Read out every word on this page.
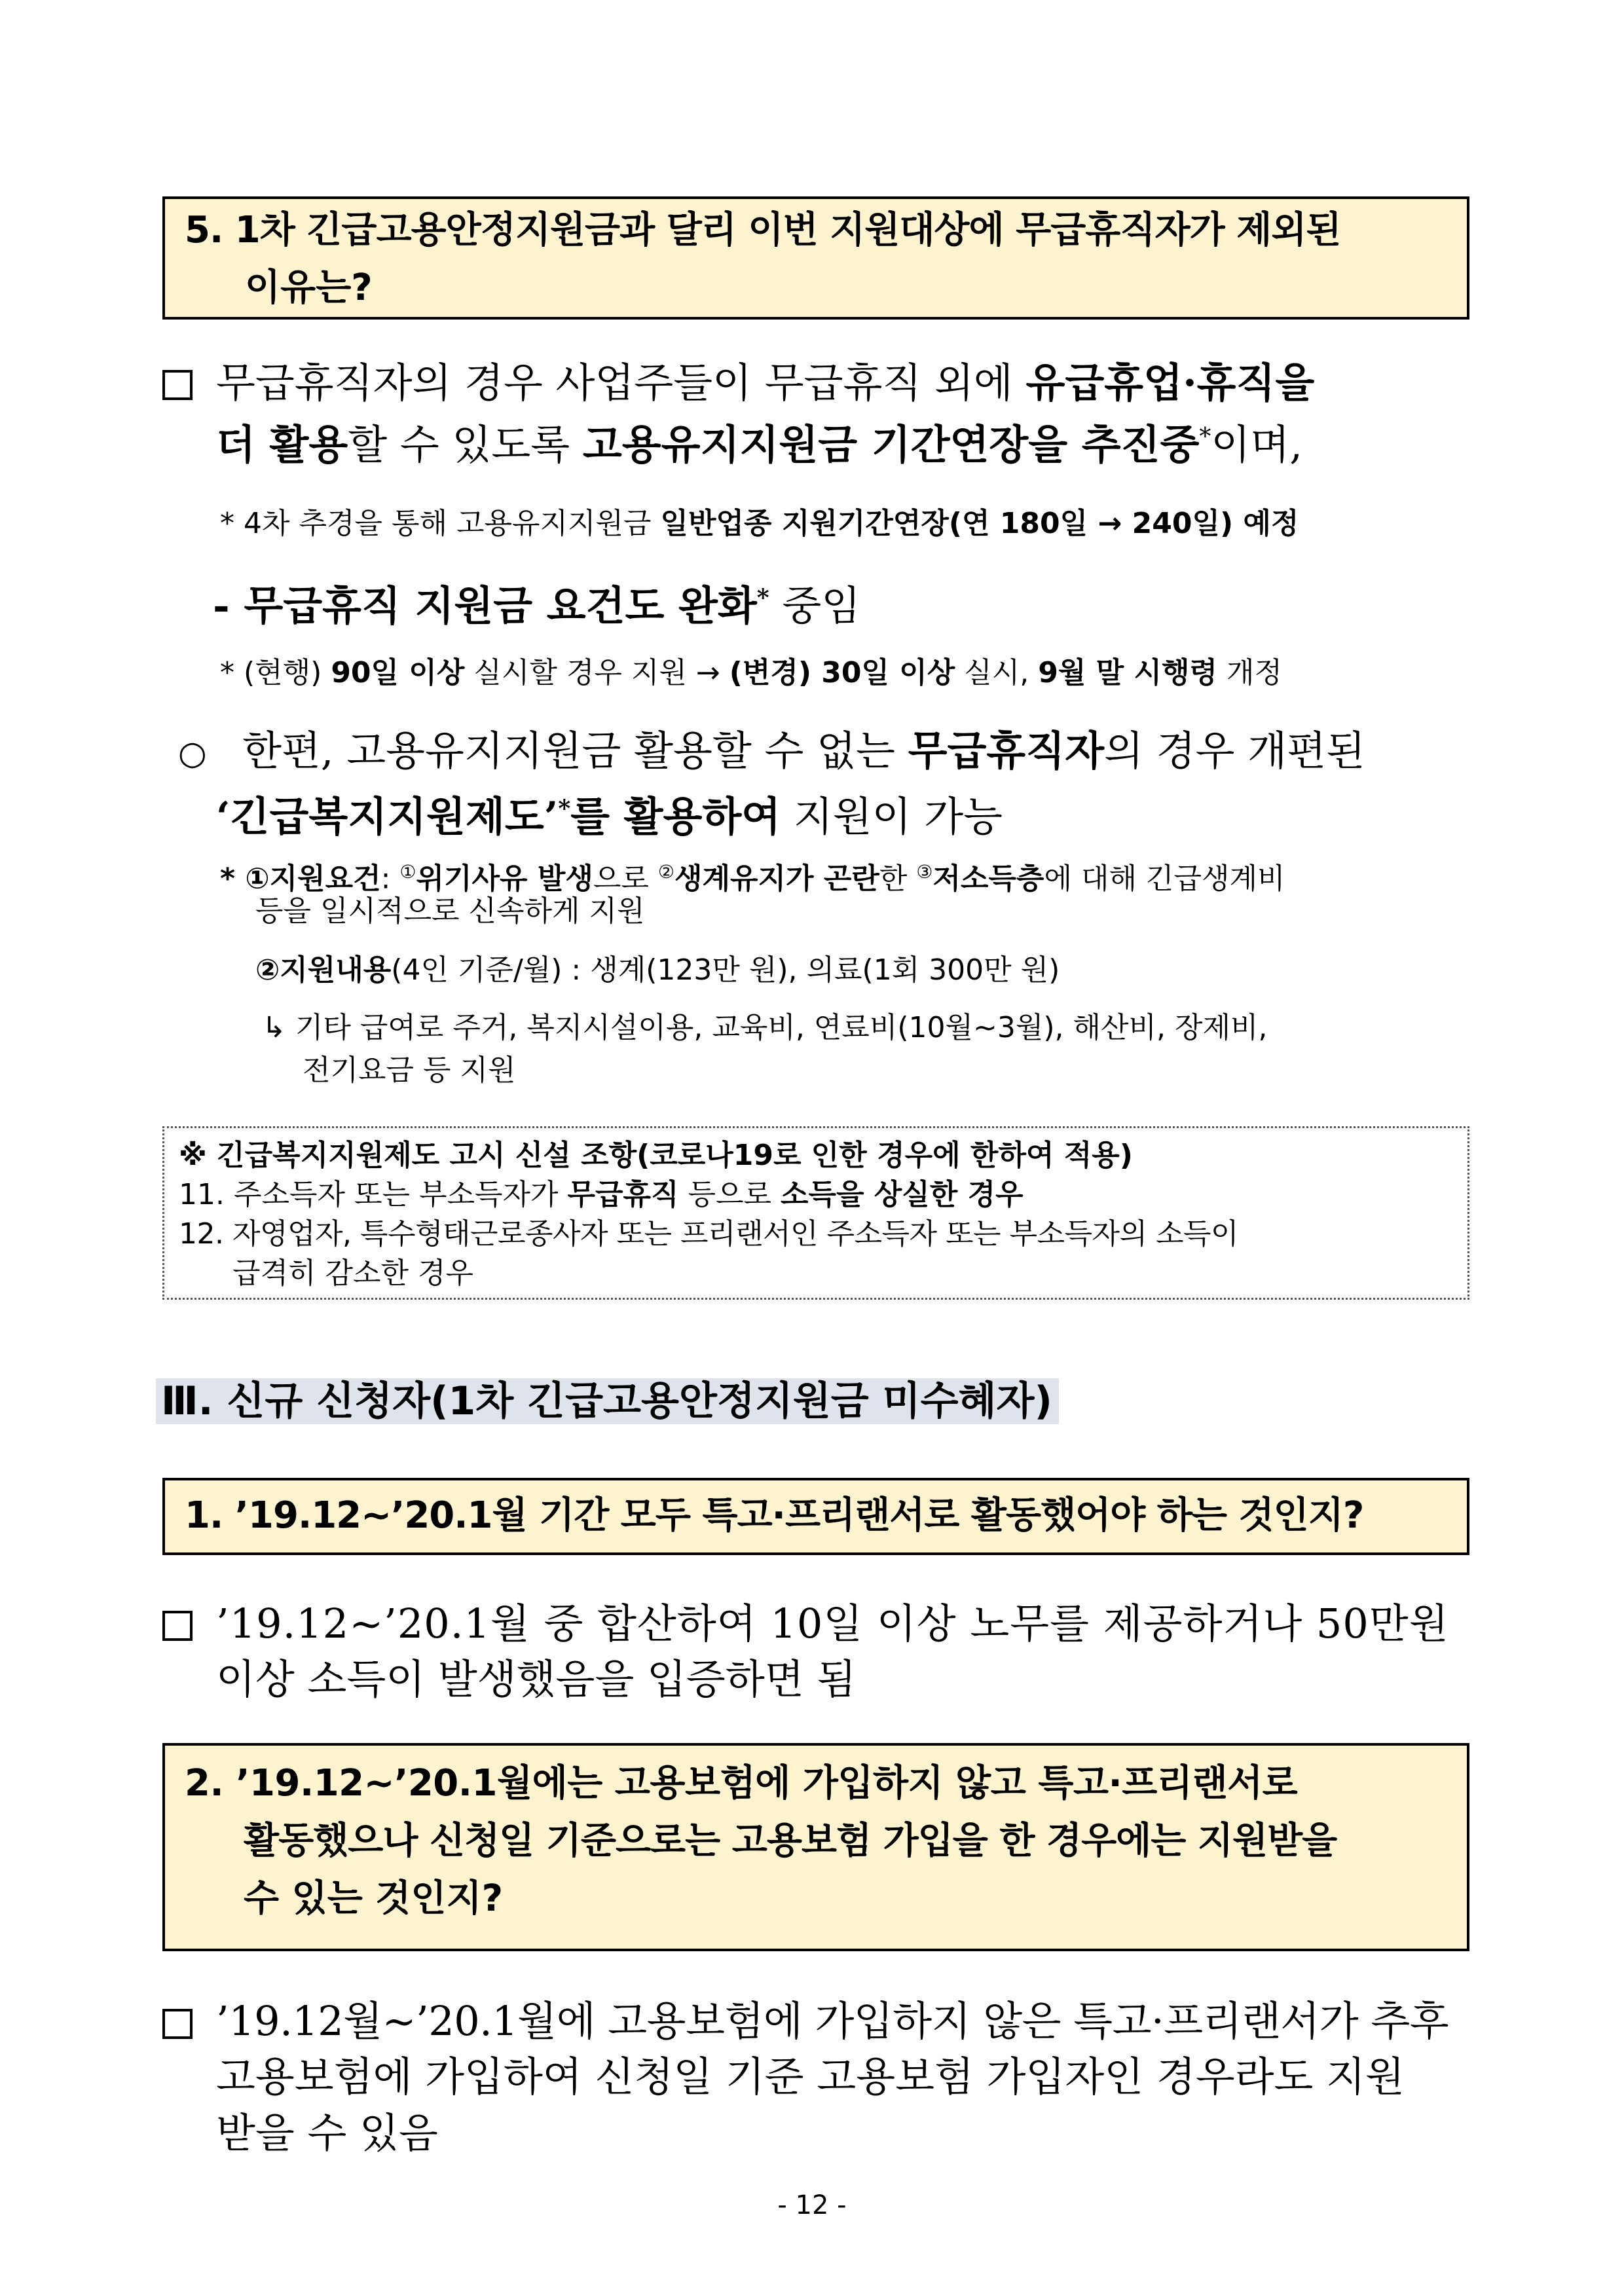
5. 1차 긴급고용안정지원금과 달리 이번 지원대상에 무급휴직자가 제외된
이유는?
무급휴직자의 경우 사업주들이 무급휴직 외에 유급휴업·휴직을
더 활용할 수 있도록 고용유지지원금 기간연장을 추진중*이며,
* 4차 추경을 통해 고용유지지원금 일반업종 지원기간연장(연 180일 → 240일) 예정
- 무급휴직 지원금 요건도 완화* 중임
* (현행) 90일 이상 실시할 경우 지원 → (변경) 30일 이상 실시, 9월 말 시행령 개정
○ 한편, 고용유지지원금 활용할 수 없는 무급휴직자의 경우 개편된
‘긴급복지지원제도’*를 활용하여 지원이 가능
* ①지원요건: ①위기사유 발생으로 ②생계유지가 곤란한 ③저소득층에 대해 긴급생계비
등을 일시적으로 신속하게 지원
②지원내용(4인 기준/월) : 생계(123만 원), 의료(1회 300만 원)
↳ 기타 급여로 주거, 복지시설이용, 교육비, 연료비(10월~3월), 해산비, 장제비,
전기요금 등 지원
※ 긴급복지지원제도 고시 신설 조항(코로나19로 인한 경우에 한하여 적용)
11. 주소득자 또는 부소득자가 무급휴직 등으로 소득을 상실한 경우
12. 자영업자, 특수형태근로종사자 또는 프리랜서인 주소득자 또는 부소득자의 소득이
급격히 감소한 경우
Ⅲ. 신규 신청자(1차 긴급고용안정지원금 미수혜자)
1. ’19.12~’20.1월 기간 모두 특고·프리랜서로 활동했어야 하는 것인지?
’19.12~’20.1월 중 합산하여 10일 이상 노무를 제공하거나 50만원
이상 소득이 발생했음을 입증하면 됨
2. ’19.12~’20.1월에는 고용보험에 가입하지 않고 특고·프리랜서로
활동했으나 신청일 기준으로는 고용보험 가입을 한 경우에는 지원받을
수 있는 것인지?
’19.12월~’20.1월에 고용보험에 가입하지 않은 특고·프리랜서가 추후
고용보험에 가입하여 신청일 기준 고용보험 가입자인 경우라도 지원
받을 수 있음
- 12 -
